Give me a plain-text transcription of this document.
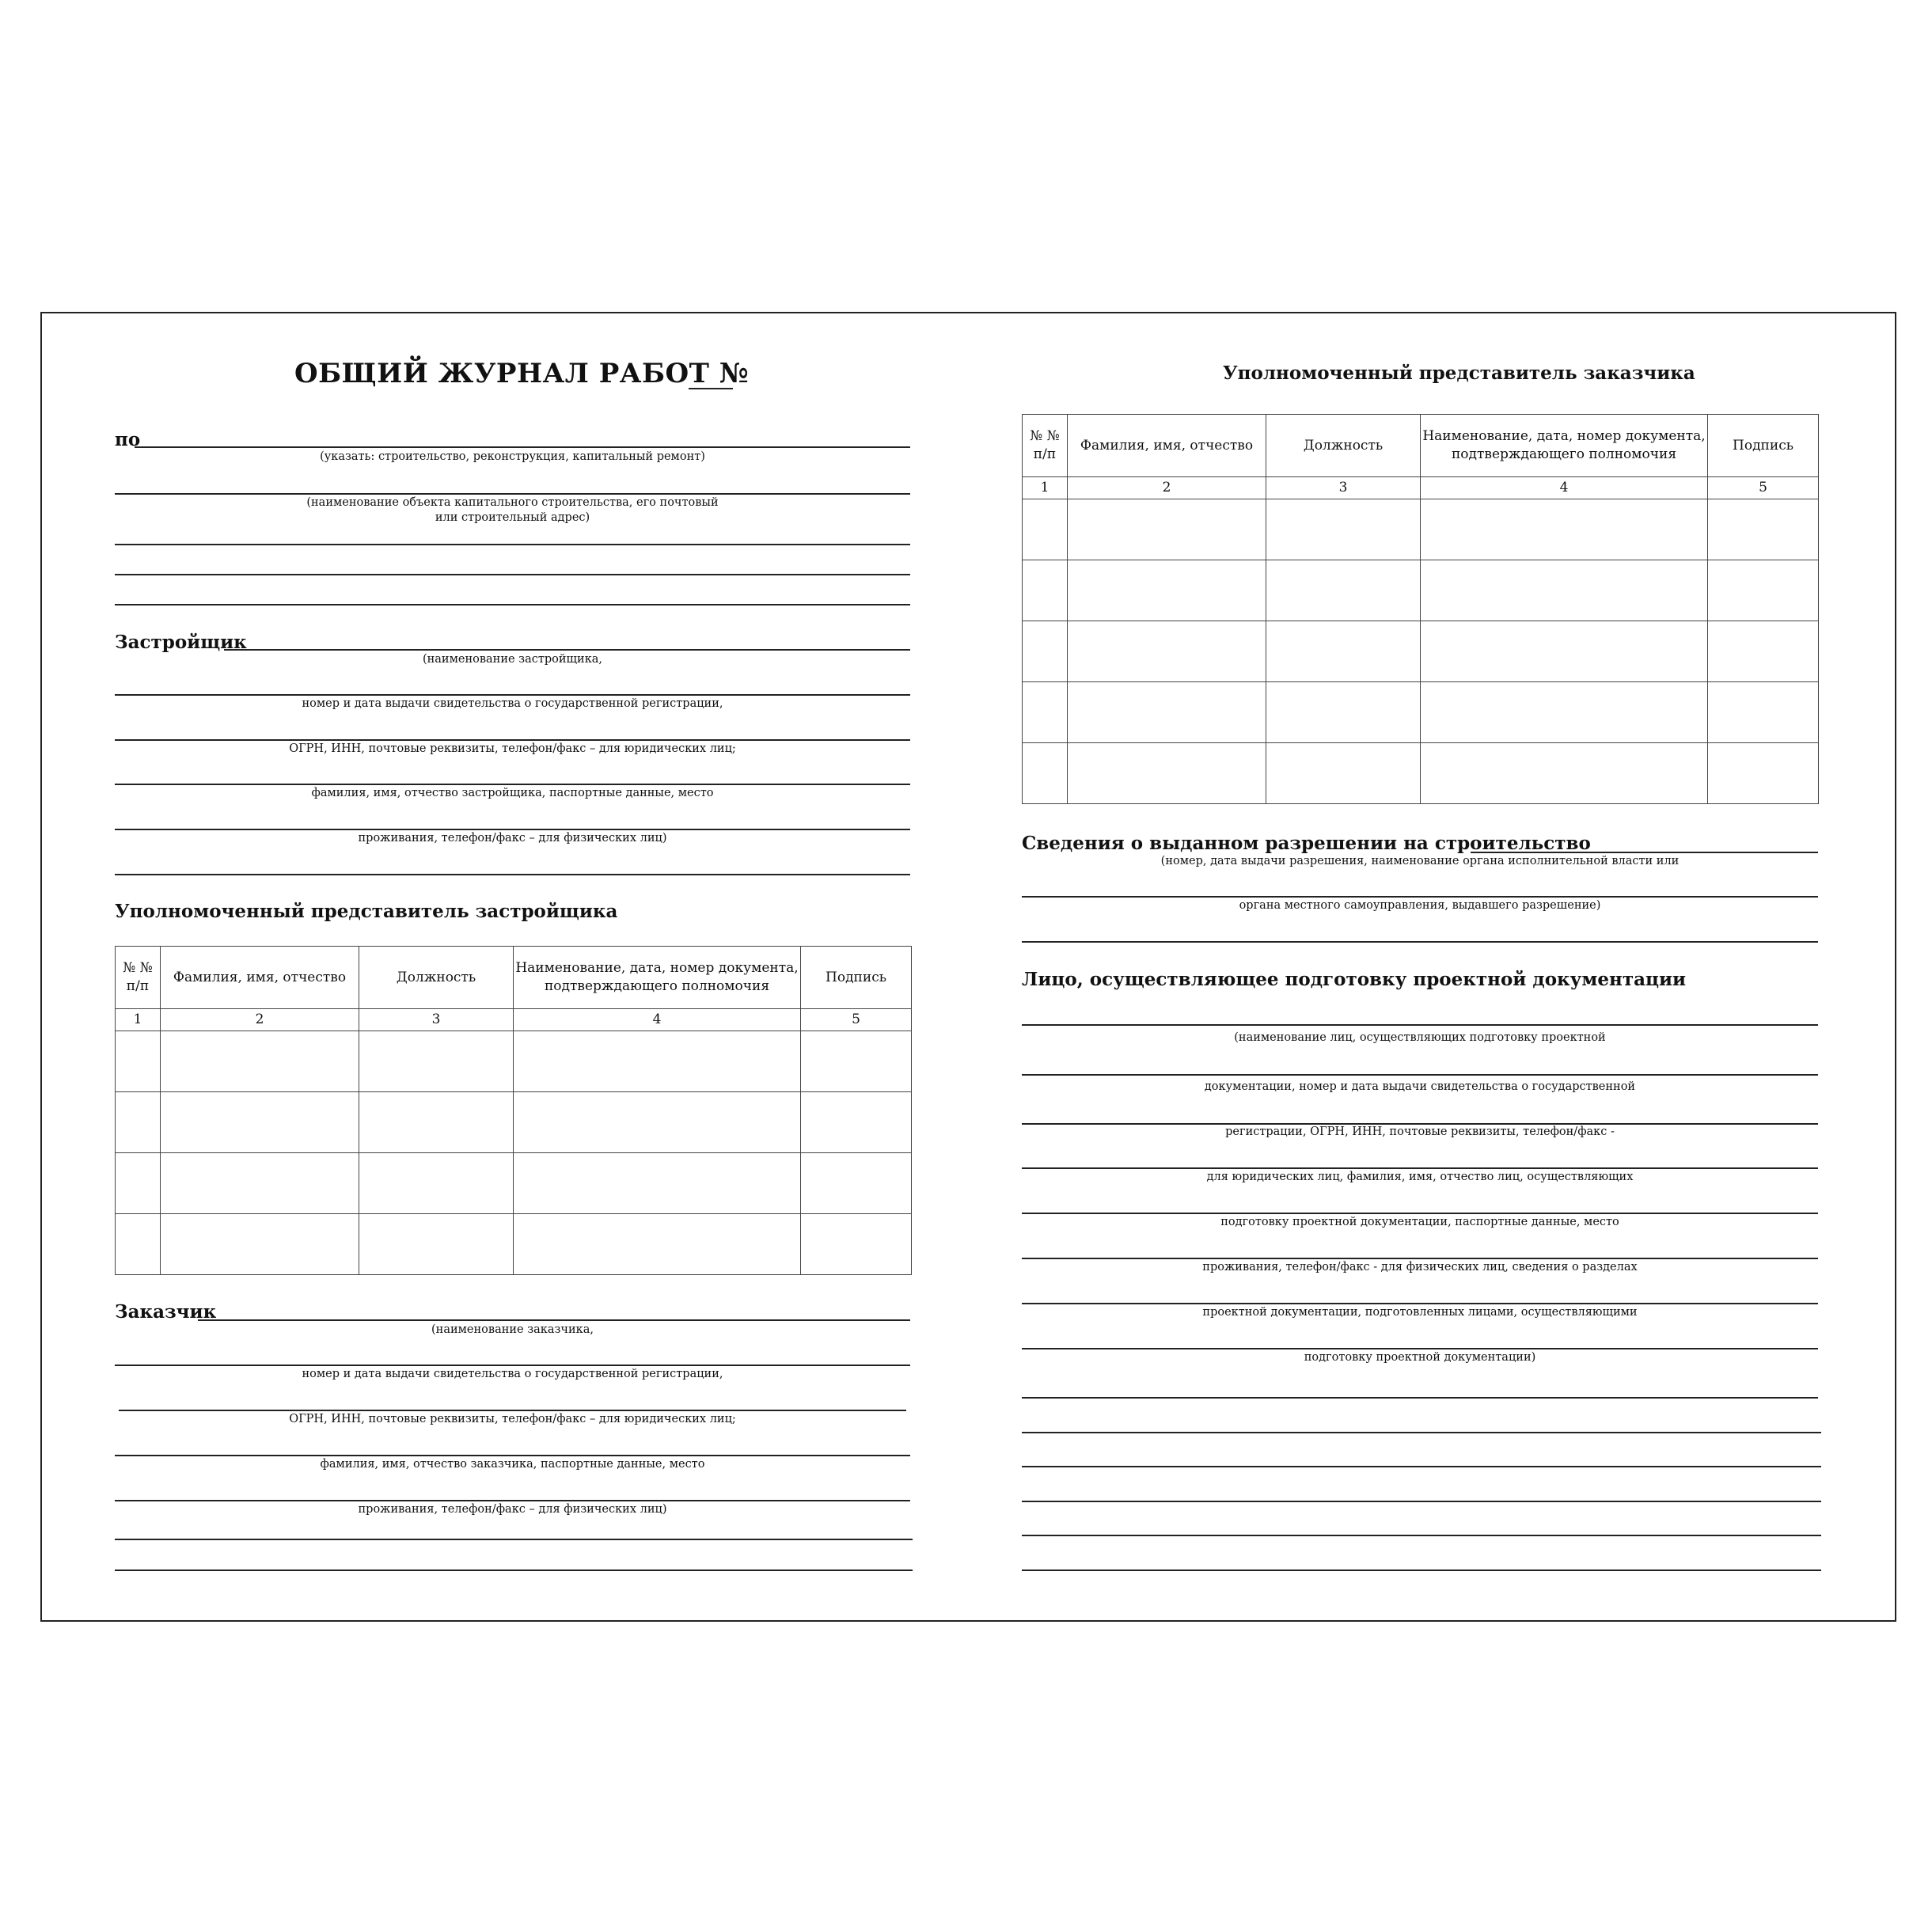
ОБЩИЙ ЖУРНАЛ РАБОТ №
по
(указать: строительство, реконструкция, капитальный ремонт)
(наименование объекта капитального строительства, его почтовый
или строительный адрес)
Застройщик
(наименование застройщика,
номер и дата выдачи свидетельства о государственной регистрации,
ОГРН, ИНН, почтовые реквизиты, телефон/факс – для юридических лиц;
фамилия, имя, отчество застройщика, паспортные данные, место
проживания, телефон/факс – для физических лиц)
Уполномоченный представитель застройщика
№ № п/п	Фамилия, имя, отчество	Должность	Наименование, дата, номер документа, подтверждающего полномочия	Подпись
1	2	3	4	5

Заказчик
(наименование заказчика,
номер и дата выдачи свидетельства о государственной регистрации,
ОГРН, ИНН, почтовые реквизиты, телефон/факс – для юридических лиц;
фамилия, имя, отчество заказчика, паспортные данные, место
проживания, телефон/факс – для физических лиц)
Уполномоченный представитель заказчика
№ № п/п	Фамилия, имя, отчество	Должность	Наименование, дата, номер документа, подтверждающего полномочия	Подпись
1	2	3	4	5

Сведения о выданном разрешении на строительство
(номер, дата выдачи разрешения, наименование органа исполнительной власти или
органа местного самоуправления, выдавшего разрешение)
Лицо, осуществляющее подготовку проектной документации
(наименование лиц, осуществляющих подготовку проектной
документации, номер и дата выдачи свидетельства о государственной
регистрации, ОГРН, ИНН, почтовые реквизиты, телефон/факс -
для юридических лиц, фамилия, имя, отчество лиц, осуществляющих
подготовку проектной документации, паспортные данные, место
проживания, телефон/факс - для физических лиц, сведения о разделах
проектной документации, подготовленных лицами, осуществляющими
подготовку проектной документации)
